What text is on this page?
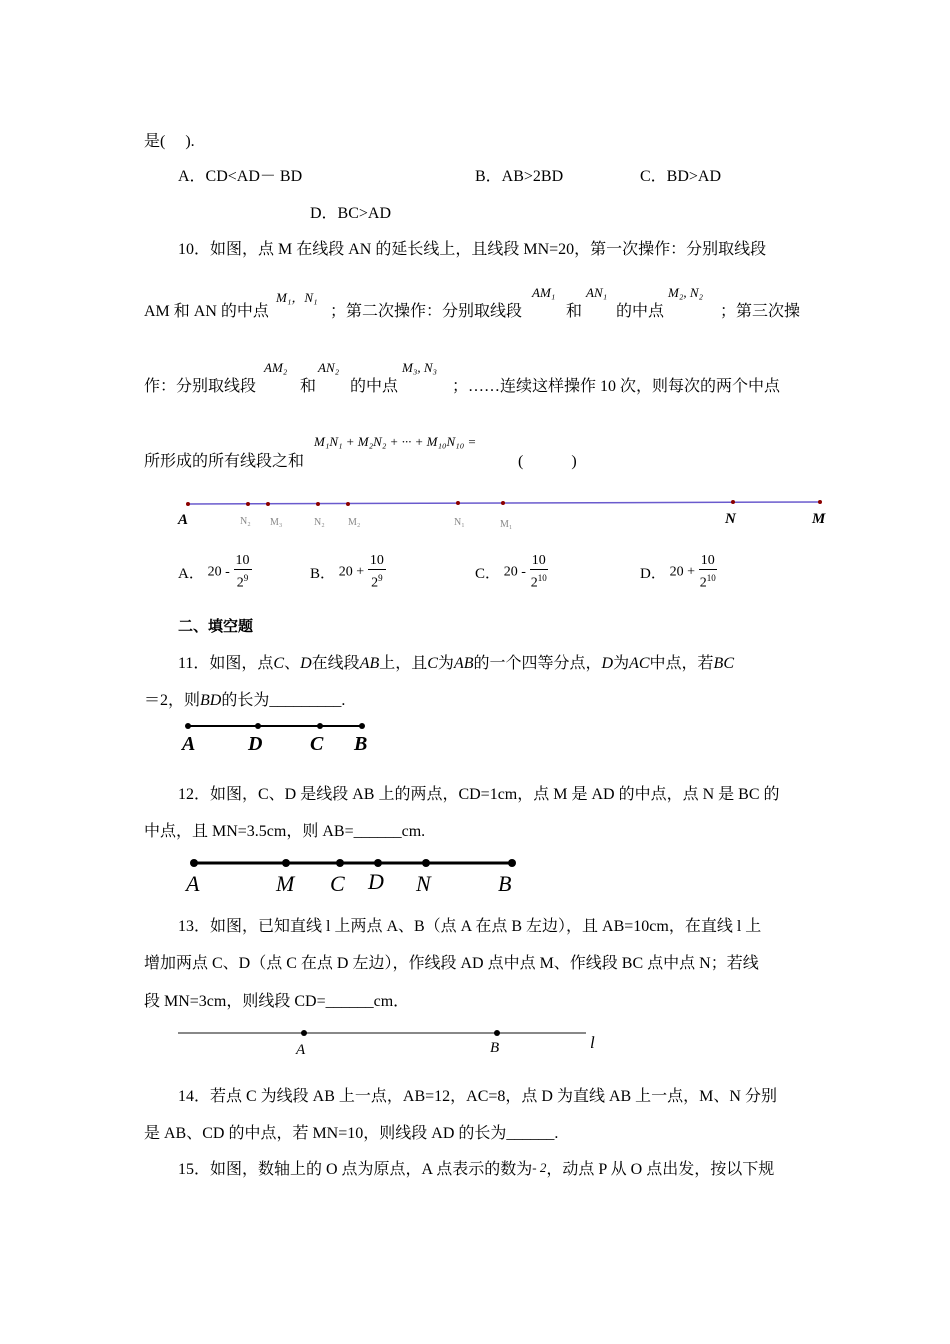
是(　 ).
A．CD<AD－ BD	B．AB>2BD	C．BD>AD
D．BC>AD
10．如图，点 M 在线段 AN 的延长线上，且线段 MN=20，第一次操作：分别取线段
AM 和 AN 的中点
M₁，N₁
；第二次操作：分别取线段
AM₁
和
AN₁
的中点
M₂, N₂
；第三次操
作：分别取线段
AM₂
和
AN₂
的中点
M₃, N₃
；……连续这样操作 10 次，则每次的两个中点
所形成的所有线段之和
M₁N₁ + M₂N₂ + ··· + M₁₀N₁₀ =
(　　　)
A	N₂ M₃	N₂ M₂	N₁	M₁	N	M
A． $20 - \frac{10}{2^9}$	B． $20 + \frac{10}{2^9}$	C． $20 - \frac{10}{2^{10}}$	D． $20 + \frac{10}{2^{10}}$
二、填空题
11．如图，点C、D在线段AB上，且C为AB的一个四等分点，D为AC中点，若BC
＝2，则BD的长为_________.
A	D C B
12．如图，C、D 是线段 AB 上的两点，CD=1cm，点 M 是 AD 的中点，点 N 是 BC 的
中点，且 MN=3.5cm，则 AB=______cm.
A	M C D N	B
13．如图，已知直线 l 上两点 A、B（点 A 在点 B 左边），且 AB=10cm，在直线 l 上
增加两点 C、D（点 C 在点 D 左边），作线段 AD 点中点 M、作线段 BC 点中点 N；若线
段 MN=3cm，则线段 CD=______cm．
A	B	l
14．若点 C 为线段 AB 上一点，AB=12，AC=8，点 D 为直线 AB 上一点，M、N 分别
是 AB、CD 的中点，若 MN=10，则线段 AD 的长为______.
15．如图，数轴上的 O 点为原点，A 点表示的数为- 2，动点 P 从 O 点出发，按以下规
